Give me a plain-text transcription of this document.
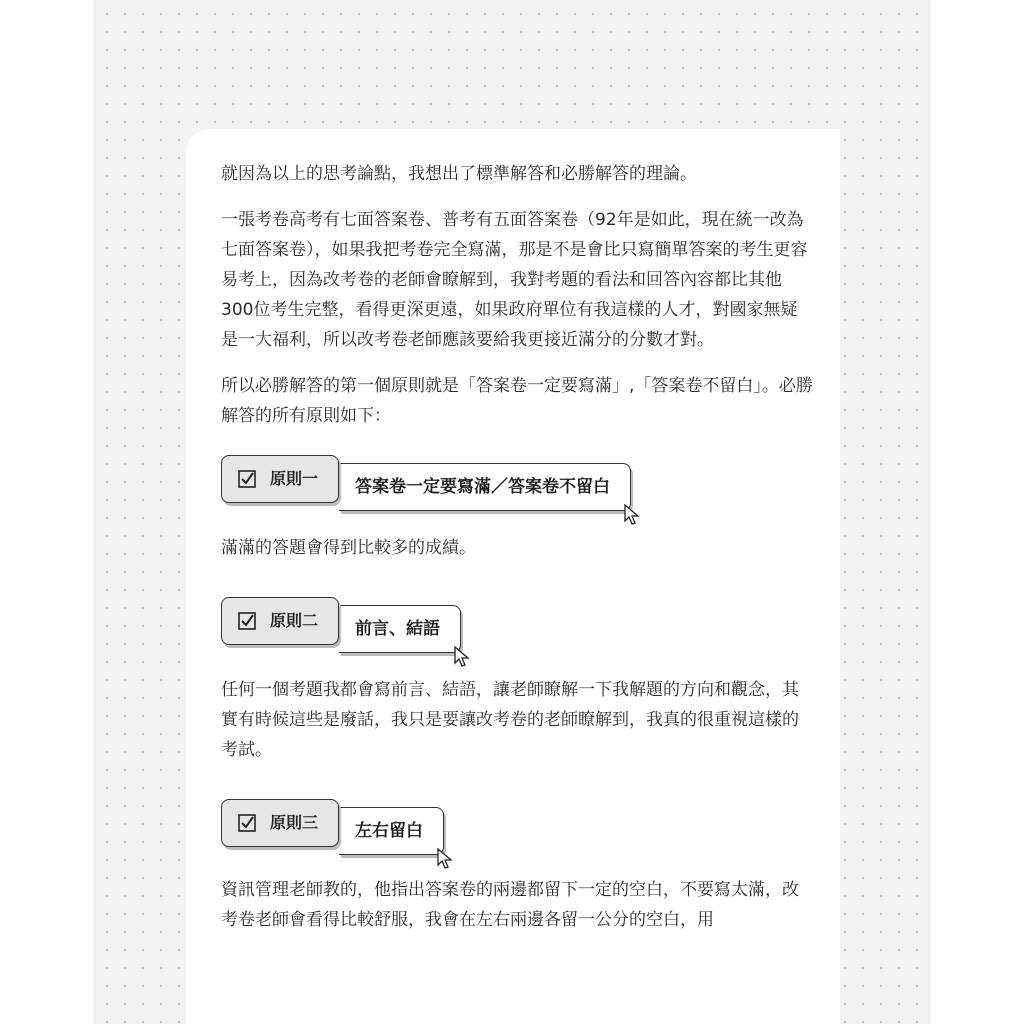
就因為以上的思考論點，我想出了標準解答和必勝解答的理論。

一張考卷高考有七面答案卷、普考有五面答案卷（92年是如此，現在統一改為七面答案卷），如果我把考卷完全寫滿，那是不是會比只寫簡單答案的考生更容易考上，因為改考卷的老師會瞭解到，我對考題的看法和回答內容都比其他300位考生完整，看得更深更遠，如果政府單位有我這樣的人才，對國家無疑是一大福利，所以改考卷老師應該要給我更接近滿分的分數才對。

所以必勝解答的第一個原則就是「答案卷一定要寫滿」,「答案卷不留白」。必勝解答的所有原則如下：

原則一 答案卷一定要寫滿／答案卷不留白

滿滿的答題會得到比較多的成績。

原則二 前言、結語

任何一個考題我都會寫前言、結語，讓老師瞭解一下我解題的方向和觀念，其實有時候這些是廢話，我只是要讓改考卷的老師瞭解到，我真的很重視這樣的考試。

原則三 左右留白

資訊管理老師教的，他指出答案卷的兩邊都留下一定的空白，不要寫太滿，改考卷老師會看得比較舒服，我會在左右兩邊各留一公分的空白，用
